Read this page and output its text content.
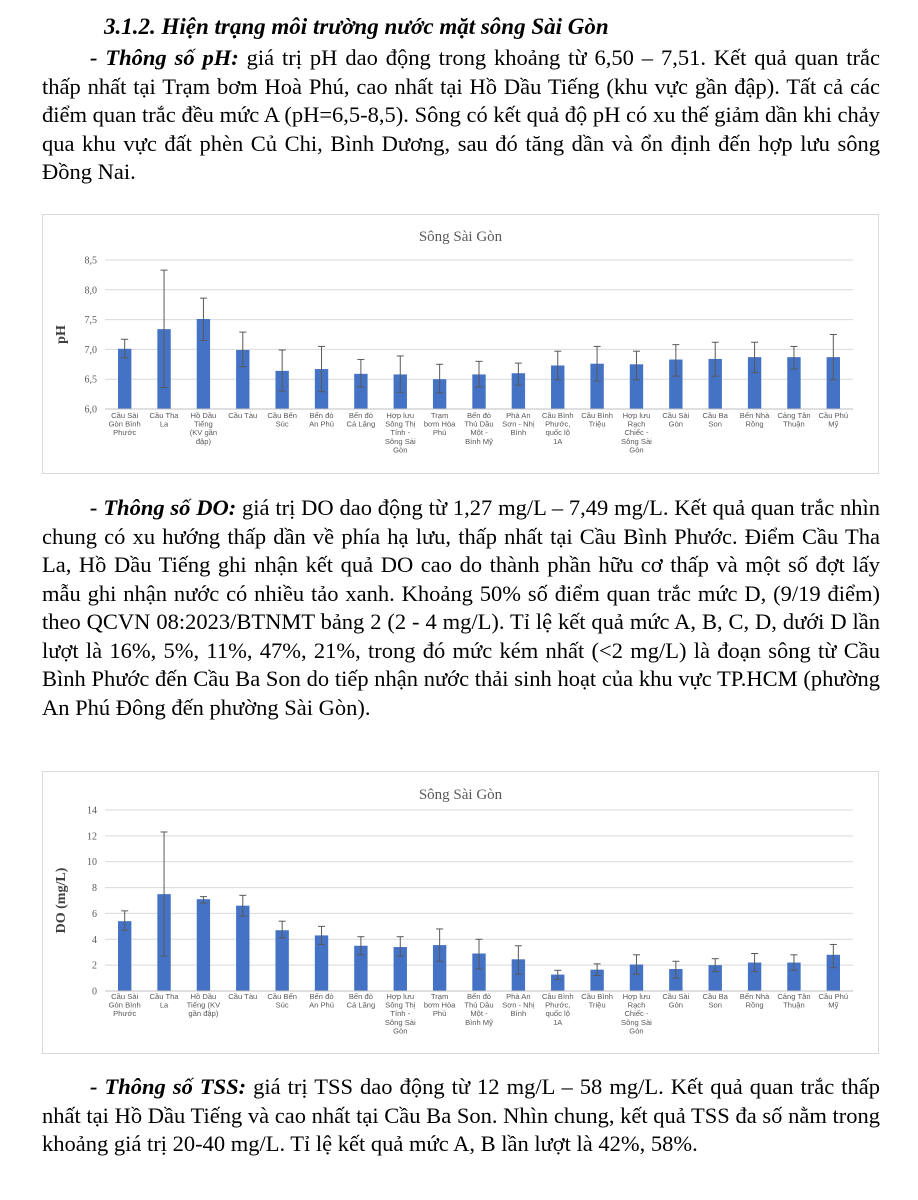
3.1.2. Hiện trạng môi trường nước mặt sông Sài Gòn

- Thông số pH: giá trị pH dao động trong khoảng từ 6,50 – 7,51. Kết quả quan trắc thấp nhất tại Trạm bơm Hoà Phú, cao nhất tại Hồ Dầu Tiếng (khu vực gần đập). Tất cả các điểm quan trắc đều mức A (pH=6,5-8,5). Sông có kết quả độ pH có xu thế giảm dần khi chảy qua khu vực đất phèn Củ Chi, Bình Dương, sau đó tăng dần và ổn định đến hợp lưu sông Đồng Nai.

Sông Sài Gòn
pH
6,0
6,5
7,0
7,5
8,0
8,5
Cầu Sài Gòn Bình Phước
Cầu Tha La
Hồ Dầu Tiếng (KV gần đập)
Cầu Tàu Cầu Bến Súc
Bến đò An Phú
Bến đò Cá Lăng
Hợp lưu Sông Thị Tính -Sông Sài Gòn
Trạm bơm Hòa Phú
Bến đò Thủ Dầu Một -Bình Mỹ
Phà An Sơn - Nhị Bình
Cầu Bình Phước, quốc lộ 1A
Cầu Bình Triệu
Hợp lưu Rạch Chiếc -Sông Sài Gòn
Cầu Sài Gòn
Cầu Ba Son
Bến Nhà Rồng
Cảng Tân Thuận
Cầu Phú Mỹ

- Thông số DO: giá trị DO dao động từ 1,27 mg/L – 7,49 mg/L. Kết quả quan trắc nhìn chung có xu hướng thấp dần về phía hạ lưu, thấp nhất tại Cầu Bình Phước. Điểm Cầu Tha La, Hồ Dầu Tiếng ghi nhận kết quả DO cao do thành phần hữu cơ thấp và một số đợt lấy mẫu ghi nhận nước có nhiều tảo xanh. Khoảng 50% số điểm quan trắc mức D, (9/19 điểm) theo QCVN 08:2023/BTNMT bảng 2 (2 - 4 mg/L). Tỉ lệ kết quả mức A, B, C, D, dưới D lần lượt là 16%, 5%, 11%, 47%, 21%, trong đó mức kém nhất (<2 mg/L) là đoạn sông từ Cầu Bình Phước đến Cầu Ba Son do tiếp nhận nước thải sinh hoạt của khu vực TP.HCM (phường An Phú Đông đến phường Sài Gòn).

Sông Sài Gòn
DO (mg/L)
0
2
4
6
8
10
12
14
Cầu Sài Gòn Bình Phước
Cầu Tha La
Hồ Dầu Tiếng (KV gần đập)
Cầu Tàu Cầu Bến Súc
Bến đò An Phú
Bến đò Cá Lăng
Hợp lưu Sông Thị Tính -Sông Sài Gòn
Trạm bơm Hòa Phú
Bến đò Thủ Dầu Một -Bình Mỹ
Phà An Sơn - Nhị Bình
Cầu Bình Phước, quốc lộ 1A
Cầu Bình Triệu
Hợp lưu Rạch Chiếc -Sông Sài Gòn
Cầu Sài Gòn
Cầu Ba Son
Bến Nhà Rồng
Cảng Tân Thuận
Cầu Phú Mỹ

- Thông số TSS: giá trị TSS dao động từ 12 mg/L – 58 mg/L. Kết quả quan trắc thấp nhất tại Hồ Dầu Tiếng và cao nhất tại Cầu Ba Son. Nhìn chung, kết quả TSS đa số nằm trong khoảng giá trị 20-40 mg/L. Tỉ lệ kết quả mức A, B lần lượt là 42%, 58%.
